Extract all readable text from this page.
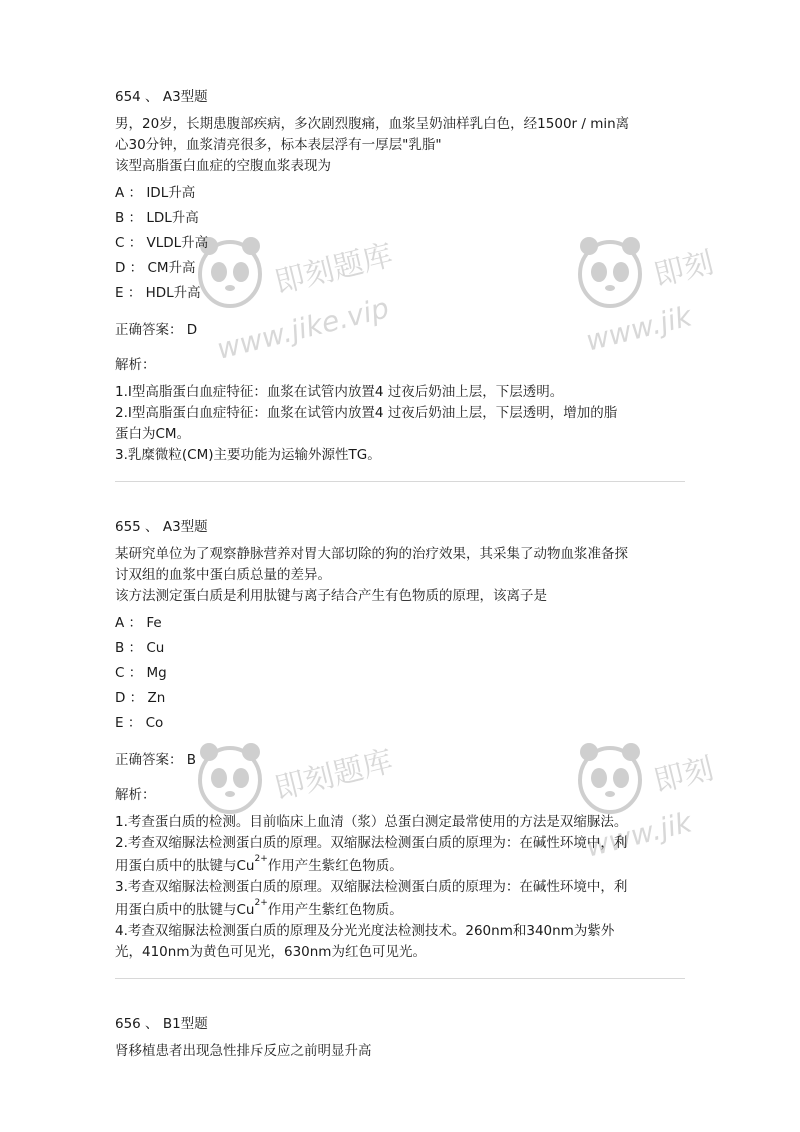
即刻题库
www.jike.vip
即刻
www.jik
即刻题库	即刻
www.jik
654 、 A3型题
男，20岁，长期患腹部疾病，多次剧烈腹痛，血浆呈奶油样乳白色，经1500r / min离
心30分钟，血浆清亮很多，标本表层浮有一厚层"乳脂"
该型高脂蛋白血症的空腹血浆表现为
A ： IDL升高
B ： LDL升高
C ： VLDL升高
D ： CM升高
E ： HDL升高
正确答案： D
解析：

1.I型高脂蛋白血症特征：血浆在试管内放置4 过夜后奶油上层，下层透明。

2.I型高脂蛋白血症特征：血浆在试管内放置4 过夜后奶油上层，下层透明，增加的脂

蛋白为CM。

3.乳糜微粒(CM)主要功能为运输外源性TG。

655 、 A3型题
某研究单位为了观察静脉营养对胃大部切除的狗的治疗效果，其采集了动物血浆准备探
讨双组的血浆中蛋白质总量的差异。
该方法测定蛋白质是利用肽键与离子结合产生有色物质的原理，该离子是
A ： Fe
B ： Cu
C ： Mg
D ： Zn
E ： Co
正确答案： B
解析：

1.考查蛋白质的检测。目前临床上血清（浆）总蛋白测定最常使用的方法是双缩脲法。

2.考查双缩脲法检测蛋白质的原理。双缩脲法检测蛋白质的原理为：在碱性环境中，利

用蛋白质中的肽键与$Cu^{2+}$作用产生紫红色物质。

3.考查双缩脲法检测蛋白质的原理。双缩脲法检测蛋白质的原理为：在碱性环境中，利

用蛋白质中的肽键与$Cu^{2+}$作用产生紫红色物质。

4.考查双缩脲法检测蛋白质的原理及分光光度法检测技术。260nm和340nm为紫外

光，410nm为黄色可见光，630nm为红色可见光。

656 、 B1型题
肾移植患者出现急性排斥反应之前明显升高
